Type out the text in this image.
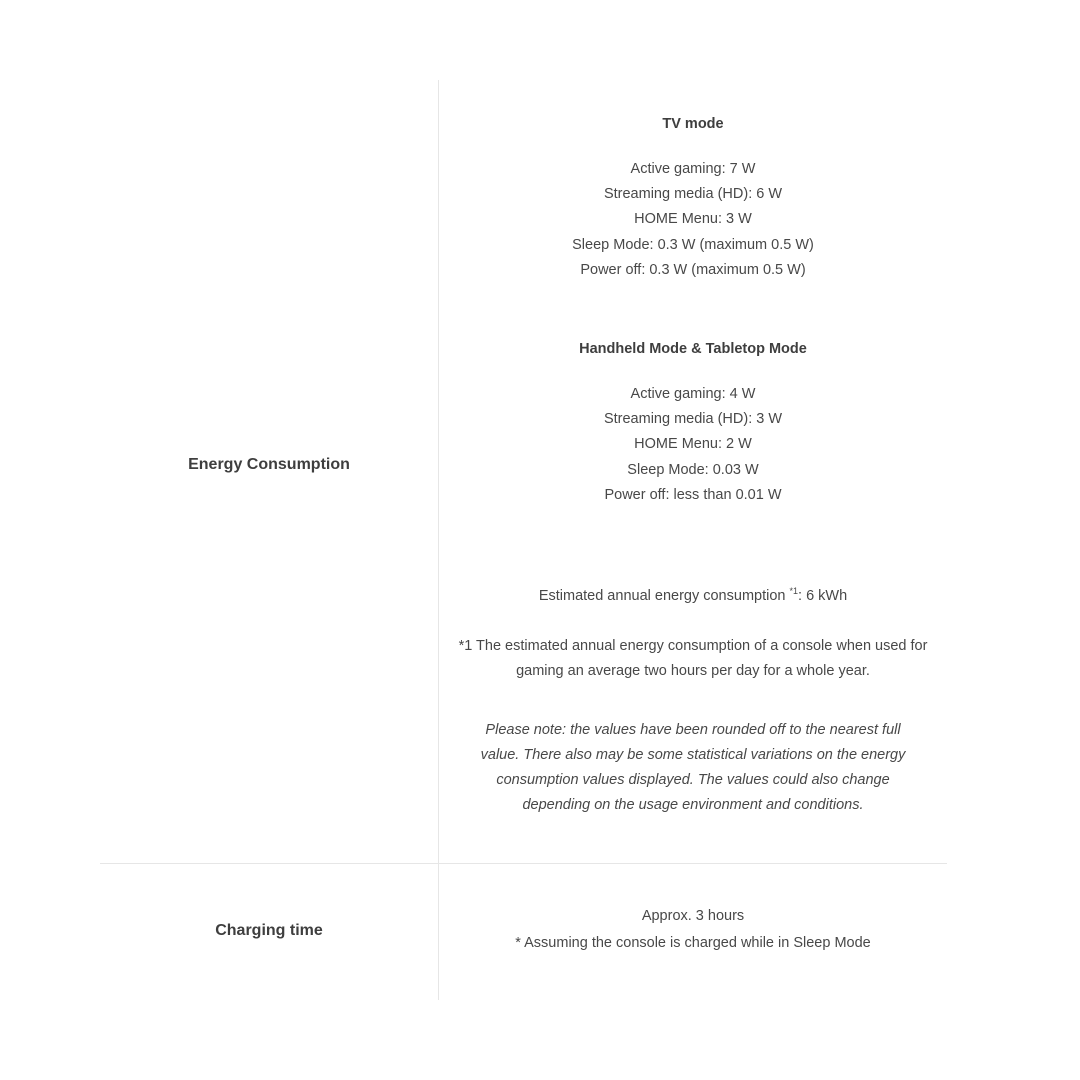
Energy Consumption
TV mode
Active gaming: 7 W
Streaming media (HD): 6 W
HOME Menu: 3 W
Sleep Mode: 0.3 W (maximum 0.5 W)
Power off: 0.3 W (maximum 0.5 W)
Handheld Mode & Tabletop Mode
Active gaming: 4 W
Streaming media (HD): 3 W
HOME Menu: 2 W
Sleep Mode: 0.03 W
Power off: less than 0.01 W
Estimated annual energy consumption $^{*1}$: 6 kWh
*1 The estimated annual energy consumption of a console when used for gaming an average two hours per day for a whole year.
Please note: the values have been rounded off to the nearest full value. There also may be some statistical variations on the energy consumption values displayed. The values could also change depending on the usage environment and conditions.
Charging time
Approx. 3 hours
* Assuming the console is charged while in Sleep Mode
